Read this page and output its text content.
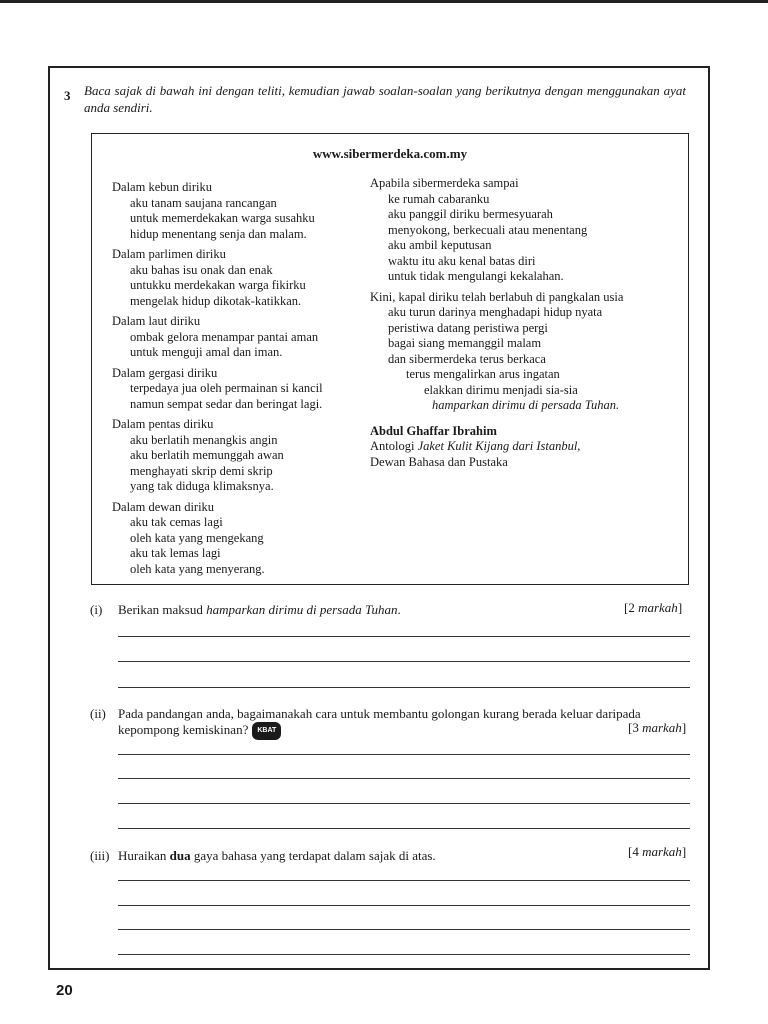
3 Baca sajak di bawah ini dengan teliti, kemudian jawab soalan-soalan yang berikutnya dengan menggunakan ayat anda sendiri.
www.sibermerdeka.com.my
Dalam kebun diriku
aku tanam saujana rancangan
untuk memerdekakan warga susahku
hidup menentang senja dan malam.
Dalam parlimen diriku
aku bahas isu onak dan enak
untukku merdekakan warga fikirku
mengelak hidup dikotak-katikkan.
Dalam laut diriku
ombak gelora menampar pantai aman
untuk menguji amal dan iman.
Dalam gergasi diriku
terpedaya jua oleh permainan si kancil
namun sempat sedar dan beringat lagi.
Dalam pentas diriku
aku berlatih menangkis angin
aku berlatih memunggah awan
menghayati skrip demi skrip
yang tak diduga klimaksnya.
Dalam dewan diriku
aku tak cemas lagi
oleh kata yang mengekang
aku tak lemas lagi
oleh kata yang menyerang.
Apabila sibermerdeka sampai
ke rumah cabaranku
aku panggil diriku bermesyuarah
menyokong, berkecuali atau menentang
aku ambil keputusan
waktu itu aku kenal batas diri
untuk tidak mengulangi kekalahan.
Kini, kapal diriku telah berlabuh di pangkalan usia
aku turun darinya menghadapi hidup nyata
peristiwa datang peristiwa pergi
bagai siang memanggil malam
dan sibermerdeka terus berkaca
terus mengalirkan arus ingatan
elakkan dirimu menjadi sia-sia
hamparkan dirimu di persada Tuhan.
Abdul Ghaffar Ibrahim
Antologi Jaket Kulit Kijang dari Istanbul,
Dewan Bahasa dan Pustaka
(i) Berikan maksud hamparkan dirimu di persada Tuhan.	[2 markah]
(ii) Pada pandangan anda, bagaimanakah cara untuk membantu golongan kurang berada keluar daripada
kepompong kemiskinan? KBAT	[3 markah]
(iii) Huraikan dua gaya bahasa yang terdapat dalam sajak di atas.	[4 markah]
20
